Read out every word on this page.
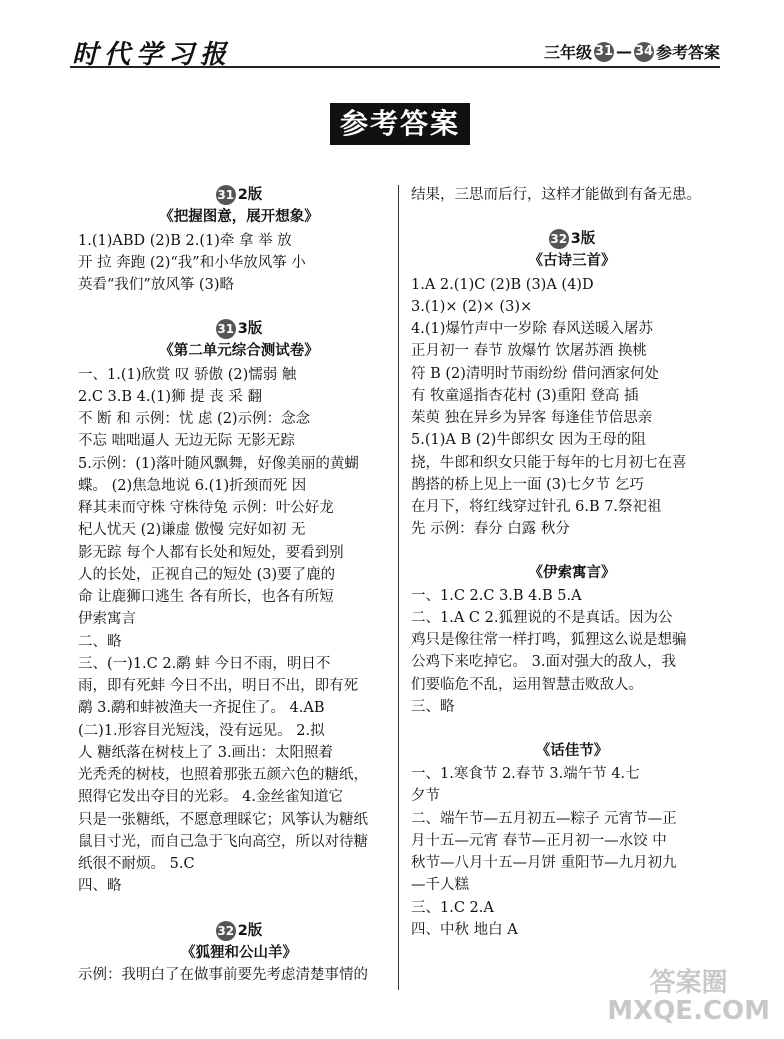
时代学习报	三年级 31 — 34 参考答案
参考答案
31 2版
《把握图意，展开想象》
1.(1)ABD (2)B 2.(1)牵 拿 举 放
开 拉 奔跑 (2)“我”和小华放风筝 小
英看“我们”放风筝 (3)略
31 3版
《第二单元综合测试卷》
一、1.(1)欣赏 叹 骄傲 (2)懦弱 触
2.C 3.B 4.(1)狮 提 丧 采 翻
不 断 和 示例：忧 虑 (2)示例：念念
不忘 咄咄逼人 无边无际 无影无踪
5.示例：(1)落叶随风飘舞，好像美丽的黄蝴
蝶。 (2)焦急地说 6.(1)折颈而死 因
释其耒而守株 守株待兔 示例：叶公好龙
杞人忧天 (2)谦虚 傲慢 完好如初 无
影无踪 每个人都有长处和短处，要看到别
人的长处，正视自己的短处 (3)要了鹿的
命 让鹿狮口逃生 各有所长，也各有所短
伊索寓言
二、略
三、(一)1.C 2.鹬 蚌 今日不雨，明日不
雨，即有死蚌 今日不出，明日不出，即有死
鹬 3.鹬和蚌被渔夫一齐捉住了。 4.AB
(二)1.形容目光短浅，没有远见。 2.拟
人 糖纸落在树枝上了 3.画出：太阳照着
光秃秃的树枝，也照着那张五颜六色的糖纸，
照得它发出夺目的光彩。 4.金丝雀知道它
只是一张糖纸，不愿意理睬它；风筝认为糖纸
鼠目寸光，而自己急于飞向高空，所以对待糖
纸很不耐烦。 5.C
四、略
32 2版
《狐狸和公山羊》
示例：我明白了在做事前要先考虑清楚事情的
结果，三思而后行，这样才能做到有备无患。
32 3版
《古诗三首》
1.A 2.(1)C (2)B (3)A (4)D
3.(1)× (2)× (3)×
4.(1)爆竹声中一岁除 春风送暖入屠苏
正月初一 春节 放爆竹 饮屠苏酒 换桃
符 B (2)清明时节雨纷纷 借问酒家何处
有 牧童遥指杏花村 (3)重阳 登高 插
茱萸 独在异乡为异客 每逢佳节倍思亲
5.(1)A B (2)牛郎织女 因为王母的阻
挠，牛郎和织女只能于每年的七月初七在喜
鹊搭的桥上见上一面 (3)七夕节 乞巧
在月下，将红线穿过针孔 6.B 7.祭祀祖
先 示例：春分 白露 秋分
《伊索寓言》
一、1.C 2.C 3.B 4.B 5.A
二、1.A C 2.狐狸说的不是真话。因为公
鸡只是像往常一样打鸣，狐狸这么说是想骗
公鸡下来吃掉它。 3.面对强大的敌人，我
们要临危不乱，运用智慧击败敌人。
三、略
《话佳节》
一、1.寒食节 2.春节 3.端午节 4.七
夕节
二、端午节—五月初五—粽子 元宵节—正
月十五—元宵 春节—正月初一—水饺 中
秋节—八月十五—月饼 重阳节—九月初九
—千人糕
三、1.C 2.A
四、中秋 地白 A
答案圈
MXQE.COM
